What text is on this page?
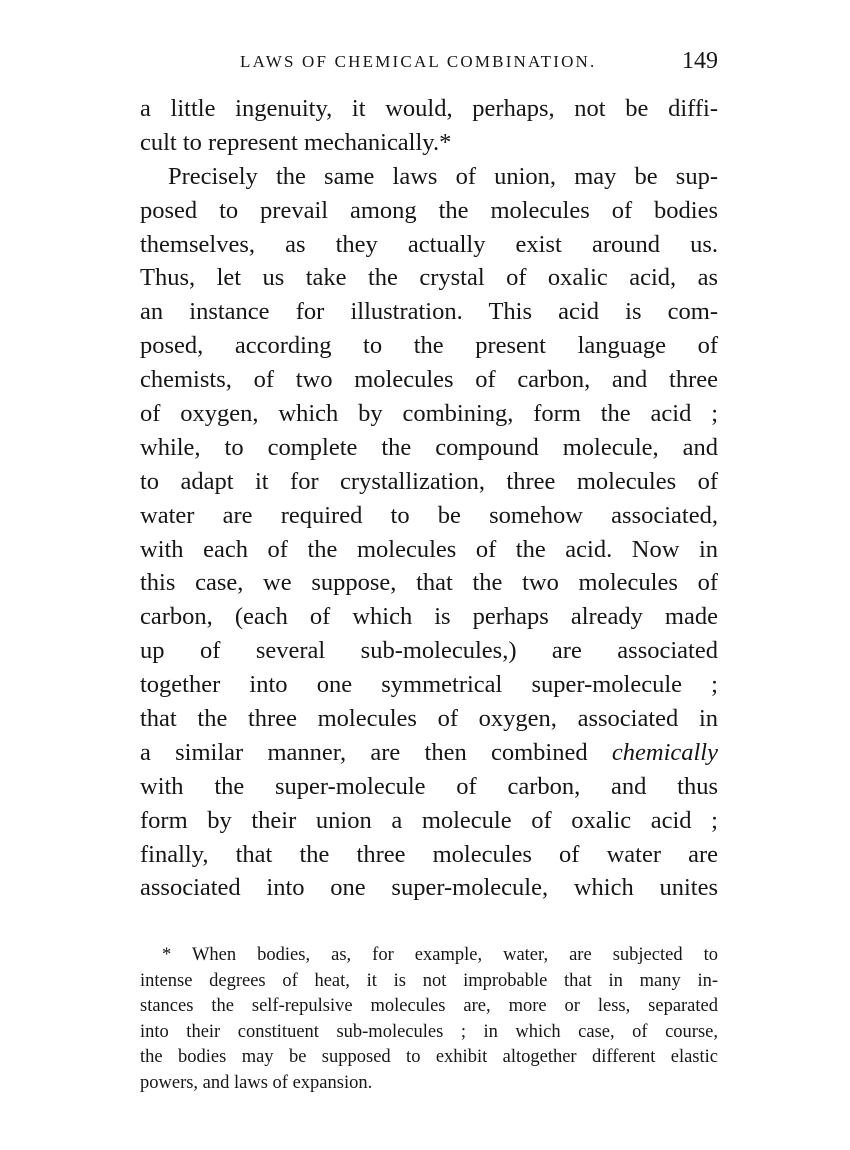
LAWS OF CHEMICAL COMBINATION.	149
a little ingenuity, it would, perhaps, not be diffi-
cult to represent mechanically.*
Precisely the same laws of union, may be sup-
posed to prevail among the molecules of bodies
themselves, as they actually exist around us.
Thus, let us take the crystal of oxalic acid, as
an instance for illustration. This acid is com-
posed, according to the present language of
chemists, of two molecules of carbon, and three
of oxygen, which by combining, form the acid ;
while, to complete the compound molecule, and
to adapt it for crystallization, three molecules of
water are required to be somehow associated,
with each of the molecules of the acid. Now in
this case, we suppose, that the two molecules of
carbon, (each of which is perhaps already made
up of several sub-molecules,) are associated
together into one symmetrical super-molecule ;
that the three molecules of oxygen, associated in
a similar manner, are then combined chemically
with the super-molecule of carbon, and thus
form by their union a molecule of oxalic acid ;
finally, that the three molecules of water are
associated into one super-molecule, which unites
* When bodies, as, for example, water, are subjected to
intense degrees of heat, it is not improbable that in many in-
stances the self-repulsive molecules are, more or less, separated
into their constituent sub-molecules ; in which case, of course,
the bodies may be supposed to exhibit altogether different elastic
powers, and laws of expansion.
